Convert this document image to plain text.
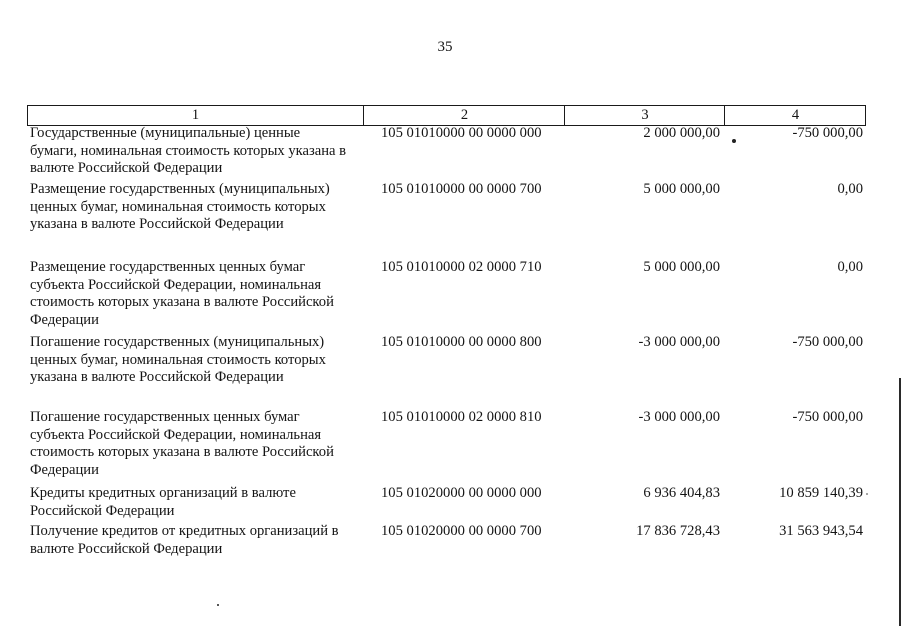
35
1	2	3	4
Государственные (муниципальные) ценные
бумаги, номинальная стоимость которых указана в
валюте Российской Федерации
105 01010000 00 0000 000	2 000 000,00	-750 000,00
Размещение государственных (муниципальных)
ценных бумаг, номинальная стоимость которых
указана в валюте Российской Федерации
105 01010000 00 0000 700	5 000 000,00	0,00
Размещение государственных ценных бумаг
субъекта Российской Федерации, номинальная
стоимость которых указана в валюте Российской
Федерации
105 01010000 02 0000 710	5 000 000,00	0,00
Погашение государственных (муниципальных)
ценных бумаг, номинальная стоимость которых
указана в валюте Российской Федерации
105 01010000 00 0000 800	-3 000 000,00	-750 000,00
Погашение государственных ценных бумаг
субъекта Российской Федерации, номинальная
стоимость которых указана в валюте Российской
Федерации
105 01010000 02 0000 810	-3 000 000,00	-750 000,00
Кредиты кредитных организаций в валюте
Российской Федерации
105 01020000 00 0000 000	6 936 404,83	10 859 140,39
Получение кредитов от кредитных организаций в
валюте Российской Федерации
105 01020000 00 0000 700	17 836 728,43	31 563 943,54
